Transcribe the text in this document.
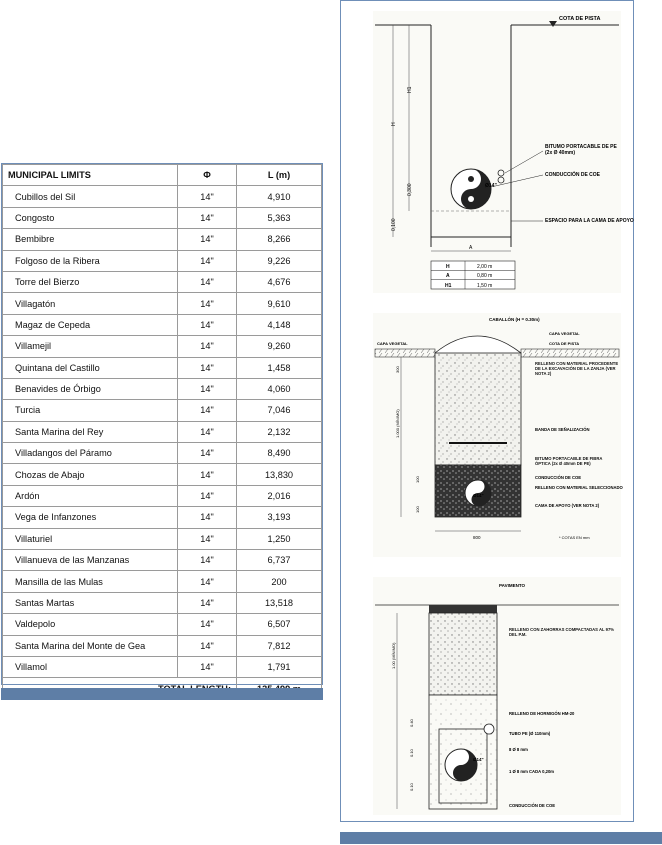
MUNICIPAL LIMITS	Φ	L (m)
Cubillos del Sil	14"	4,910
Congosto	14"	5,363
Bembibre	14"	8,266
Folgoso de la Ribera	14"	9,226
Torre del Bierzo	14"	4,676
Villagatón	14"	9,610
Magaz de Cepeda	14"	4,148
Villamejil	14"	9,260
Quintana del Castillo	14"	1,458
Benavides de Órbigo	14"	4,060
Turcia	14"	7,046
Santa Marina del Rey	14"	2,132
Villadangos del Páramo	14"	8,490
Chozas de Abajo	14"	13,830
Ardón	14"	2,016
Vega de Infanzones	14"	3,193
Villaturiel	14"	1,250
Villanueva de las Manzanas	14"	6,737
Mansilla de las Mulas	14"	200
Santas Martas	14"	13,518
Valdepolo	14"	6,507
Santa Marina del Monte de Gea	14"	7,812
Villamol	14"	1,791

COTA DE PISTA
H
H1
0,300
0,100
Ø14"
BITUMO PORTACABLE DE PE
(2x Ø 40mm)
CONDUCCIÓN DE COE
ESPACIO PARA LA CAMA DE APOYO
A
H	2,00 m
A	0,80 m
H1	1,50 m
Ø14"
CABALLÓN (H = 0.30m)
CAPA VEGETAL
CAPA VEGETAL
COTA DE PISTA
RELLENO CON MATERIAL PROCEDENTE DE LA EXCAVACIÓN DE LA ZANJA (VER NOTA 2)
BANDA DE SEÑALIZACIÓN
BITUMO PORTACABLE DE FIBRA ÓPTICA (2x Ø 40mm DE PE)
CONDUCCIÓN DE COE
RELLENO CON MATERIAL SELECCIONADO
CAMA DE APOYO (VER NOTA 2)
* COTAS EN mm
800
300
1.000 (MÍNIMO)
100
100
Ø14"
PAVIMENTO
RELLENO CON ZAHORRAS COMPACTADAS AL 97% DEL P.M.
RELLENO DE HORMIGÓN HM-20
TUBO PE (Ø 110mm)
8 Ø 8 mm
1 Ø 8 mm CADA 0,20m
CONDUCCIÓN DE COE
1.00 (MÍNIMO)
0.40
0.10
0.10
